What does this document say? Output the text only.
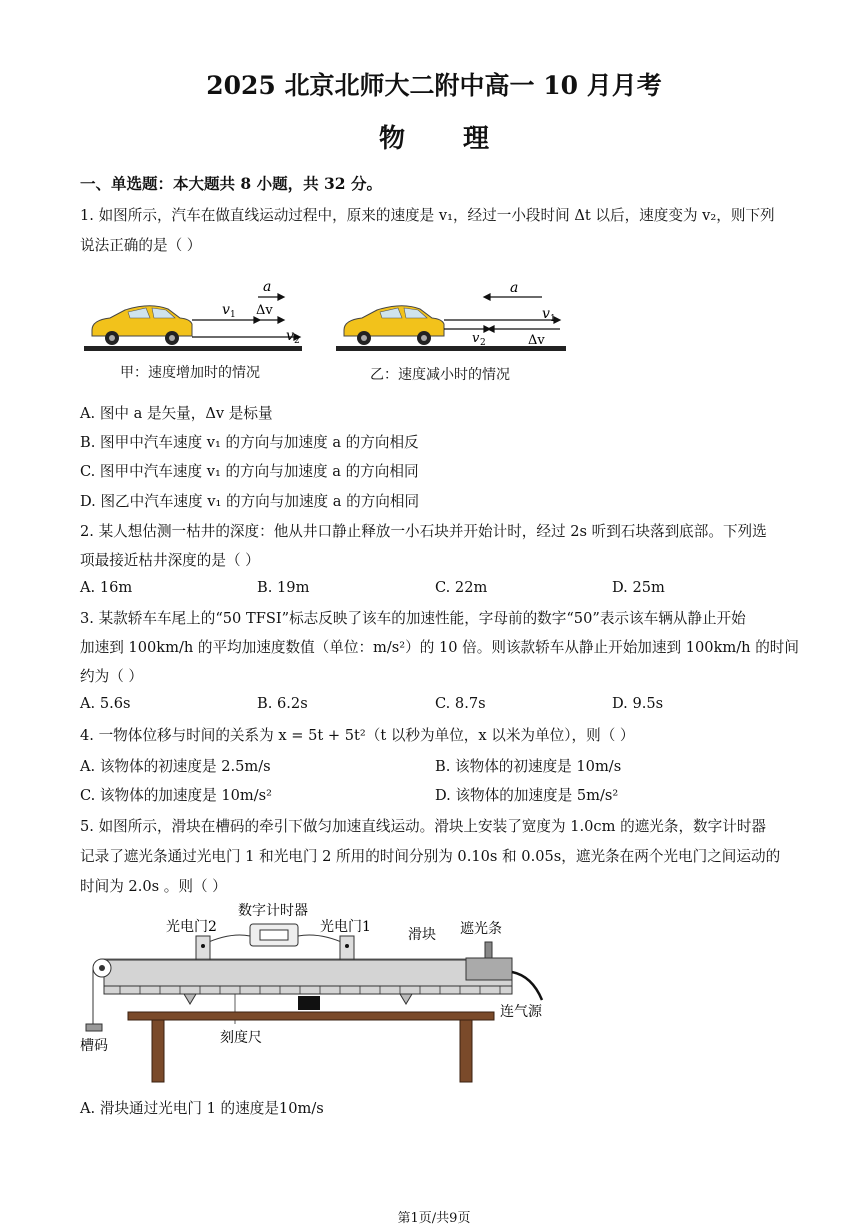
2025 北京北师大二附中高一 10 月月考
物理
一、单选题：本大题共 8 小题，共 32 分。
1. 如图所示，汽车在做直线运动过程中，原来的速度是 v₁，经过一小段时间 Δt 以后，速度变为 v₂，则下列
说法正确的是（ ）
a
Δv
v 1
v 2
a
v 1
v 2	Δv
甲：速度增加时的情况	乙：速度减小时的情况
A. 图中 a 是矢量，Δv 是标量
B. 图甲中汽车速度 v₁ 的方向与加速度 a 的方向相反
C. 图甲中汽车速度 v₁ 的方向与加速度 a 的方向相同
D. 图乙中汽车速度 v₁ 的方向与加速度 a 的方向相同
2. 某人想估测一枯井的深度：他从井口静止释放一小石块并开始计时，经过 2s 听到石块落到底部。下列选
项最接近枯井深度的是（ ）
A. 16m	B. 19m	C. 22m	D. 25m
3. 某款轿车车尾上的“50 TFSI”标志反映了该车的加速性能，字母前的数字“50”表示该车辆从静止开始
加速到 100km/h 的平均加速度数值（单位：m/s²）的 10 倍。则该款轿车从静止开始加速到 100km/h 的时间
约为（ ）
A. 5.6s	B. 6.2s	C. 8.7s	D. 9.5s
4. 一物体位移与时间的关系为 x = 5t + 5t²（t 以秒为单位，x 以米为单位），则（ ）
A. 该物体的初速度是 2.5m/s	B. 该物体的初速度是 10m/s
C. 该物体的加速度是 10m/s²	D. 该物体的加速度是 5m/s²
5. 如图所示，滑块在槽码的牵引下做匀加速直线运动。滑块上安装了宽度为 1.0cm 的遮光条，数字计时器
记录了遮光条通过光电门 1 和光电门 2 所用的时间分别为 0.10s 和 0.05s，遮光条在两个光电门之间运动的
时间为 2.0s 。则（ ）
数字计时器
光电门2	光电门1	滑块 遮光条
连气源
槽码	刻度尺
A. 滑块通过光电门 1 的速度是10m/s
第1页/共9页
